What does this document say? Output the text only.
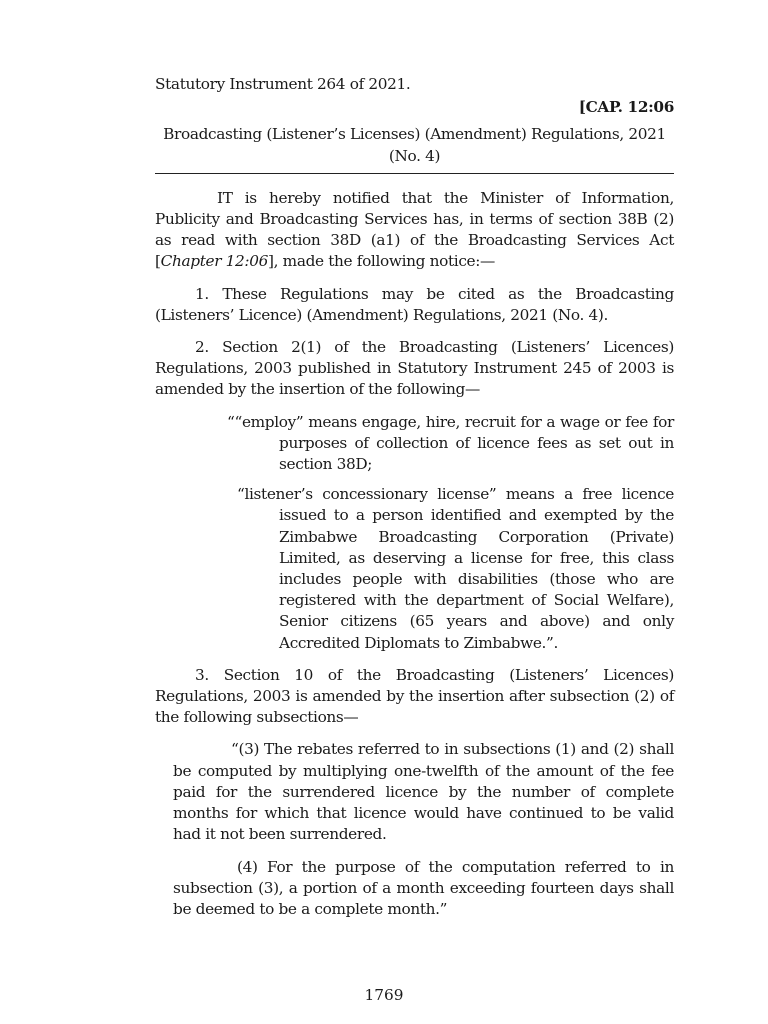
Statutory Instrument 264 of 2021.
[CAP. 12:06
Broadcasting (Listener’s Licenses) (Amendment) Regulations, 2021 (No. 4)

IT is hereby notified that the Minister of Information, Publicity and Broadcasting Services has, in terms of section 38B (2) as read with section 38D (a1) of the Broadcasting Services Act [Chapter 12:06], made the following notice:—

1. These Regulations may be cited as the Broadcasting (Listeners’ Licence) (Amendment) Regulations, 2021 (No. 4).

2. Section 2(1) of the Broadcasting (Listeners’ Licences) Regulations, 2003 published in Statutory Instrument 245 of 2003 is amended by the insertion of the following—

““employ” means engage, hire, recruit for a wage or fee for purposes of collection of licence fees as set out in section 38D;

“listener’s concessionary license” means a free licence issued to a person identified and exempted by the Zimbabwe Broadcasting Corporation (Private) Limited, as deserving a license for free, this class includes people with disabilities (those who are registered with the department of Social Welfare), Senior citizens (65 years and above) and only Accredited Diplomats to Zimbabwe.”.

3. Section 10 of the Broadcasting (Listeners’ Licences) Regulations, 2003 is amended by the insertion after subsection (2) of the following subsections—

“(3) The rebates referred to in subsections (1) and (2) shall be computed by multiplying one-twelfth of the amount of the fee paid for the surrendered licence by the number of complete months for which that licence would have continued to be valid had it not been surrendered.

(4) For the purpose of the computation referred to in subsection (3), a portion of a month exceeding fourteen days shall be deemed to be a complete month.”

1769
